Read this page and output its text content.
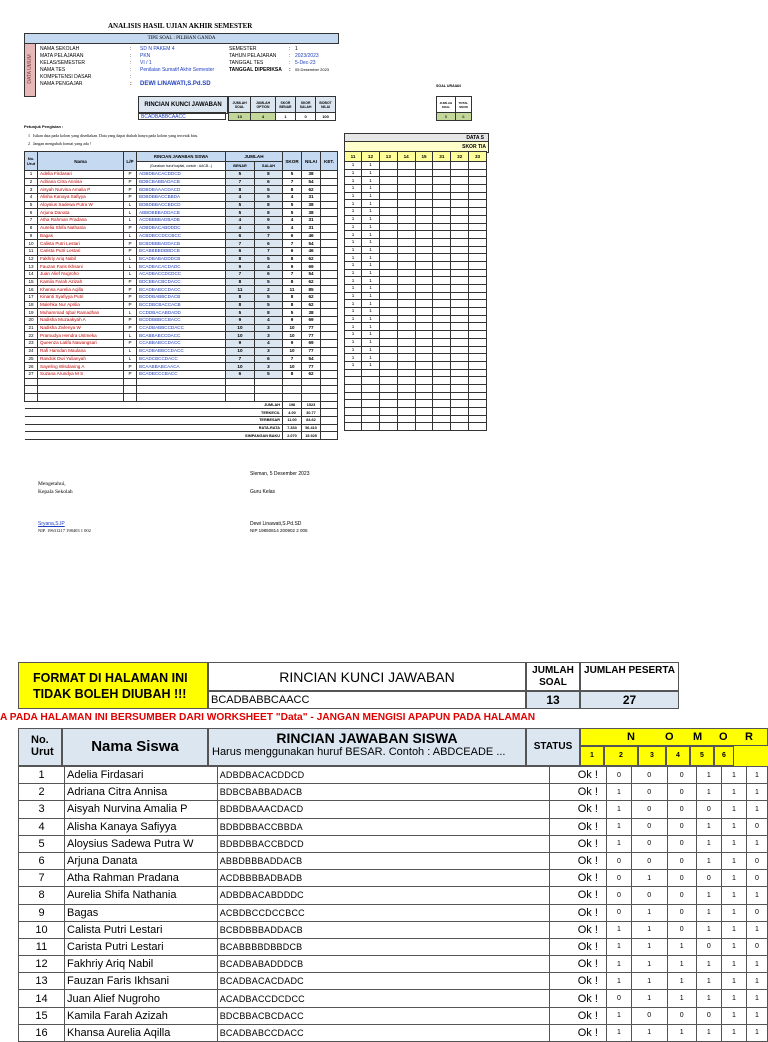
ANALISIS HASIL UJIAN AKHIR SEMESTER
TIPE SOAL : PILIHAN GANDA
DATA UMUM
NAMA SEKOLAH	:	SD N PAKEM 4
MATA PELAJARAN	:	PKN
KELAS/SEMESTER	:	VI / 1
NAMA TES	:	Penilaian Sumatif Akhir Semester
KOMPETENSI DASAR	:
NAMA PENGAJAR	:	DEWI LINAWATI,S.Pd.SD
SEMESTER	: 1
TAHUN PELAJARAN	: 2023/2023
TANGGAL TES	: 5-Dec-23
TANGGAL DIPERIKSA	:	05 Desember 2023
RINCIAN KUNCI JAWABAN
BCADBABBCAACC
JUMLAH SOAL	JUMLAH OPTION	SKOR BENAR	SKOR SALAH	BOBOT NILAI
13	4	1	0	100
SOAL URAIAN
JUMLAH SOAL	TOTAL SKOR
5	6
Petunjuk Pengisian :
1   Isikan data pada kolom yang disediakan. Data yang dapat diubah hanya pada kolom yang tercetak biru.
2   Jangan mengubah format yang ada !
No. Urut	Nama	L/P	RINCIAN JAWABAN SISWA	JUMLAH		SKOR	NILAI	KET.
			(Gunakan huruf kapital, contoh : AACB...)	BENAR	SALAH			
1	Adelia Firdasari	P	ADBDBACACDDCD	5	8	5	38	
2	Adriana Citra Annisa	P	BDBCBABBADACB	7	6	7	54	
3	Aisyah Nurvina Amalia P	P	BDBDBAAACDACD	8	5	8	62	
4	Alisha Kanaya Safiyya	P	BDBDBBACCBBDA	4	9	4	31	
5	Aloysius Sadewa Putra W	L	BDBDBBACCBDCD	5	8	5	38	
6	Arjuna Danata	L	ABBDBBBADDACB	5	8	5	38	
7	Atha Rahman Pradana	L	ACDBBBBADBADB	4	9	4	31	
8	Aurelia Shifa Nathania	P	ADBDBACABDDDC	4	9	4	31	
9	Bagas	L	ACBDBCCDCCBCC	6	7	6	46	
10	Calista Putri Lestari	P	BCBDBBBADDACB	7	6	7	54	
11	Carista Putri Lestari	P	BCABBBBDBBDCB	6	7	6	46	
12	Fakhriy Ariq Nabil	L	BCADBABADDDCB	8	5	8	62	
13	Fauzan Faris Ikhsani	L	BCADBACACDADC	9	4	9	69	
14	Juan Alief Nugroho	L	ACADBACCDCDCC	7	6	7	54	
15	Kamila Farah Azizah	P	BDCBBACBCDACC	8	5	8	62	
16	Khansa Aurelia Aqilla	P	BCADBABCCDACC	11	2	11	85	
17	Kinanti Syafiyya Putri	P	BCDDBABBCDACB	8	5	8	62	
18	Malehka Nur Aprilia	P	BCCDBCBACCACB	8	5	8	62	
19	Muhammad Iqbal Ramadhan	L	CCDDBACABDADD	5	8	5	38	
20	Nadisha Muzaakyah A	P	BCDDBBBCCBACC	9	4	9	69	
21	Nadisha Zivlenya W	P	CCADBABBCCDACC	10	3	10	77	
22	Pramudya Hendra Ustmeka	L	BCABBABCCDACC	10	3	10	77	
23	Queenza Latifa Nawangsari	P	CCABBABCCDACC	9	4	9	69	
24	Rafi Hamdan Maulana	L	BCADBABBCCDACC	10	3	10	77	
25	Randok Dwi Yulianyah	L	BCADCBCCDACC	7	6	7	54	
26	Sayeling Wisdaning A	P	BCAABBABCAACA	10	3	10	77	
27	Suzana Arundya M S	P	BCADBCCCBACC	6	5	8	62	

JUMLAH						198	1523	
TERKECIL						4.00	30.77	
TERBESAR						11.00	84.62	
RATA-RATA						7.333	56.410	
SIMPANGAN BAKU						2.070	15.925	
Sleman, 5 Desember 2023
Mengetahui,
Kepala Sekolah	Guru Kelas
Sryana,S.IP
NIP. 19631217 198403 1 002
Dewi Linawati,S.Pd.SD
NIP 19850814 200902 2 005
DATA S
SKOR TIA
11	12	13	14	15	31	32	33
1	1						
1	1						
1	1						
1	1						
1	1						
1	1						
1	1						
1	1						
1	1						
1	1						
1	1						
1	1						
1	1						
1	1						
1	1						
1	1						
1	1						
1	1						
1	1						
1	1						
1	1						
1	1						
1	1						
1	1						
1	1						
1	1						
1	1						

FORMAT DI HALAMAN INI TIDAK BOLEH DIUBAH !!!
RINCIAN KUNCI JAWABAN
BCADBABBCAACC
JUMLAH SOAL
JUMLAH PESERTA
13	27
A PADA HALAMAN INI BERSUMBER DARI WORKSHEET "Data" - JANGAN MENGISI APAPUN PADA HALAMAN
No. Urut	Nama Siswa	RINCIAN JAWABAN SISWA
Harus menggunakan huruf BESAR. Contoh : ABDCEADE ...	STATUS
N	O M O R
1	2	3	4	5	6
1	Adelia Firdasari	ADBDBACACDDCD	Ok !	0	0	0	1	1	1
2	Adriana Citra Annisa	BDBCBABBADACB	Ok !	1	0	0	1	1	1
3	Aisyah Nurvina Amalia P	BDBDBAAACDACD	Ok !	1	0	0	0	1	1
4	Alisha Kanaya Safiyya	BDBDBBACCBBDA	Ok !	1	0	0	1	1	0
5	Aloysius Sadewa Putra W	BDBDBBACCBDCD	Ok !	1	0	0	1	1	1
6	Arjuna Danata	ABBDBBBADDACB	Ok !	0	0	0	1	1	0
7	Atha Rahman Pradana	ACDBBBBADBADB	Ok !	0	1	0	0	1	0
8	Aurelia Shifa Nathania	ADBDBACABDDDC	Ok !	0	0	0	1	1	1
9	Bagas	ACBDBCCDCCBCC	Ok !	0	1	0	1	1	0
10	Calista Putri Lestari	BCBDBBBADDACB	Ok !	1	1	0	1	1	1
11	Carista Putri Lestari	BCABBBBDBBDCB	Ok !	1	1	1	0	1	0
12	Fakhriy Ariq Nabil	BCADBABADDDCB	Ok !	1	1	1	1	1	1
13	Fauzan Faris Ikhsani	BCADBACACDADC	Ok !	1	1	1	1	1	1
14	Juan Alief Nugroho	ACADBACCDCDCC	Ok !	0	1	1	1	1	1
15	Kamila Farah Azizah	BDCBBACBCDACC	Ok !	1	0	0	0	1	1
16	Khansa Aurelia Aqilla	BCADBABCCDACC	Ok !	1	1	1	1	1	1
